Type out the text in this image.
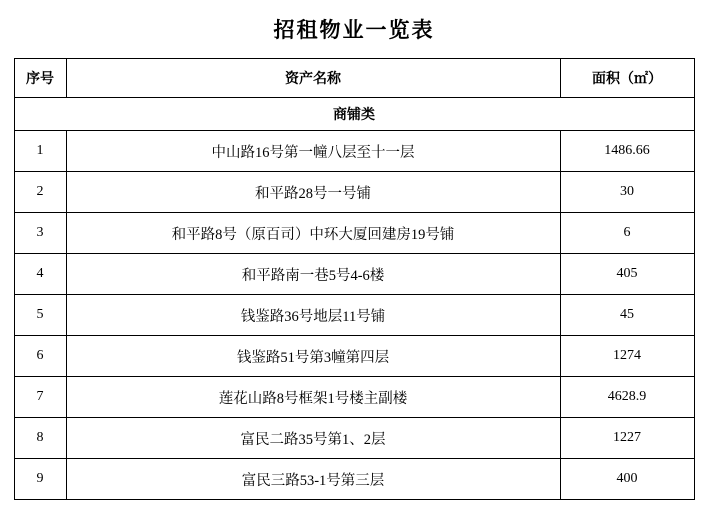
招租物业一览表
序号	资产名称	面积（㎡）
商铺类		
1	中山路16号第一幢八层至十一层	1486.66
2	和平路28号一号铺	30
3	和平路8号（原百司）中环大厦回建房19号铺	6
4	和平路南一巷5号4-6楼	405
5	钱鉴路36号地层11号铺	45
6	钱鉴路51号第3幢第四层	1274
7	莲花山路8号框架1号楼主副楼	4628.9
8	富民二路35号第1、2层	1227
9	富民三路53-1号第三层	400
